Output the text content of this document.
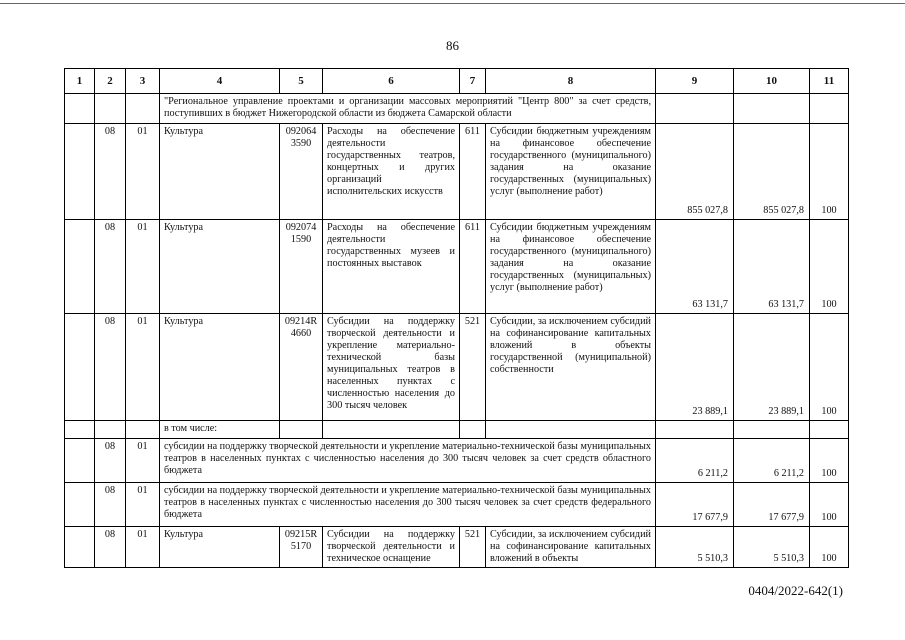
86
1	2	3	4	5	6	7	8	9	10	11
			"Региональное управление проектами и организации массовых мероприятий "Центр 800" за счет средств, поступивших в бюджет Нижегородской области из бюджета Самарской области							
	08	01	Культура	092064 3590	Расходы на обеспечение деятельности государственных театров, концертных и других организаций исполнительских искусств	611	Субсидии бюджетным учреждениям на финансовое обеспечение государственного (муниципального) задания на оказание государственных (муниципальных) услуг (выполнение работ)	855 027,8	855 027,8	100
	08	01	Культура	092074 1590	Расходы на обеспечение деятельности государственных музеев и постоянных выставок	611	Субсидии бюджетным учреждениям на финансовое обеспечение государственного (муниципального) задания на оказание государственных (муниципальных) услуг (выполнение работ)	63 131,7	63 131,7	100
	08	01	Культура	09214R 4660	Субсидии на поддержку творческой деятельности и укрепление материально-технической базы муниципальных театров в населенных пунктах с численностью населения до 300 тысяч человек	521	Субсидии, за исключением субсидий на софинансирование капитальных вложений в объекты государственной (муниципальной) собственности	23 889,1	23 889,1	100
			в том числе:							
	08	01	субсидии на поддержку творческой деятельности и укрепление материально-технической базы муниципальных театров в населенных пунктах с численностью населения до 300 тысяч человек за счет средств областного бюджета					6 211,2	6 211,2	100
	08	01	субсидии на поддержку творческой деятельности и укрепление материально-технической базы муниципальных театров в населенных пунктах с численностью населения до 300 тысяч человек за счет средств федерального бюджета					17 677,9	17 677,9	100
	08	01	Культура	09215R 5170	Субсидии на поддержку творческой деятельности и техническое оснащение	521	Субсидии, за исключением субсидий на софинансирование капитальных вложений в объекты	5 510,3	5 510,3	100
0404/2022-642(1)
